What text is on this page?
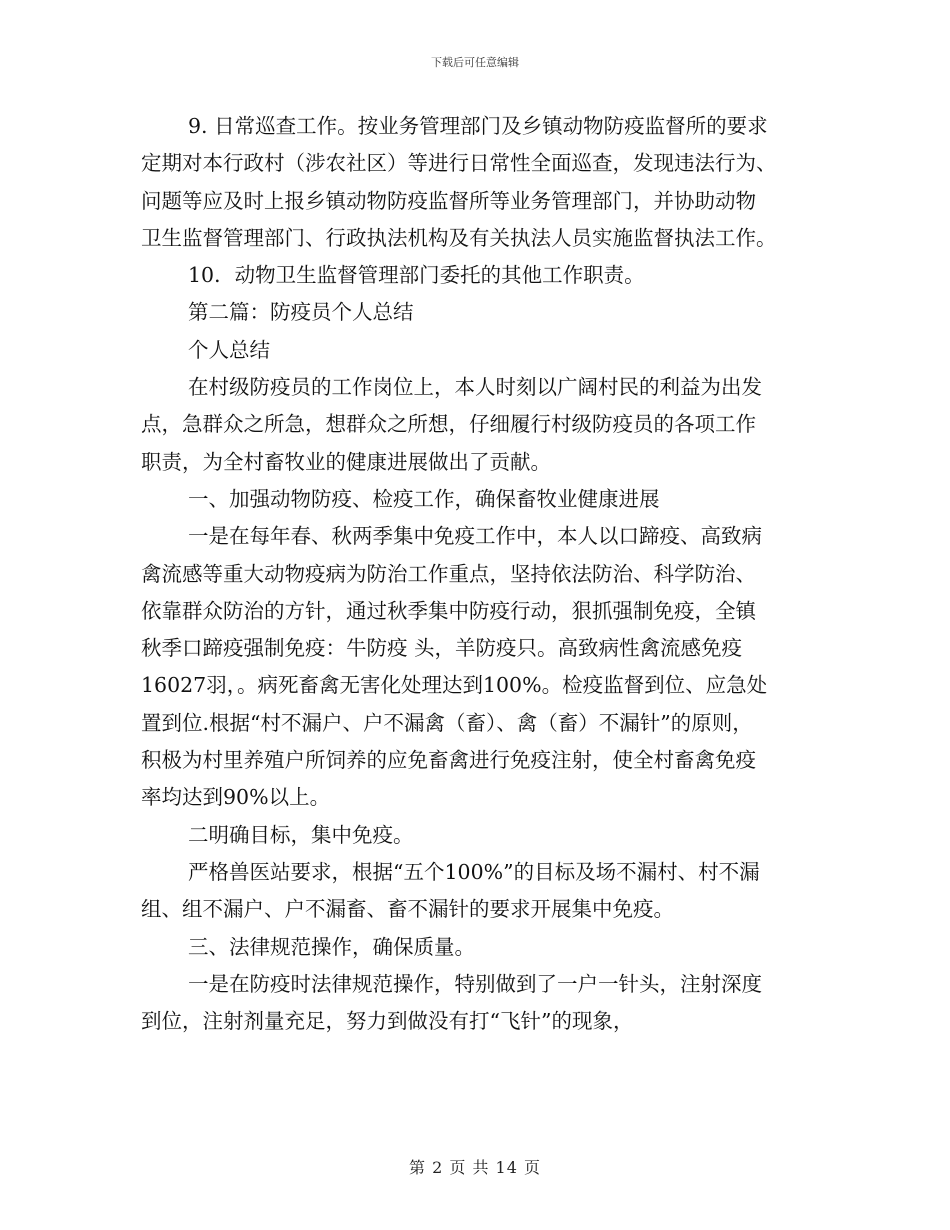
下载后可任意编辑
9. 日常巡查工作。按业务管理部门及乡镇动物防疫监督所的要求
定期对本行政村（涉农社区）等进行日常性全面巡查，发现违法行为、
问题等应及时上报乡镇动物防疫监督所等业务管理部门，并协助动物
卫生监督管理部门、行政执法机构及有关执法人员实施监督执法工作。
10．动物卫生监督管理部门委托的其他工作职责。
第二篇：防疫员个人总结
个人总结
在村级防疫员的工作岗位上，本人时刻以广阔村民的利益为出发
点，急群众之所急，想群众之所想，仔细履行村级防疫员的各项工作
职责，为全村畜牧业的健康进展做出了贡献。
一、加强动物防疫、检疫工作，确保畜牧业健康进展
一是在每年春、秋两季集中免疫工作中，本人以口蹄疫、高致病
禽流感等重大动物疫病为防治工作重点，坚持依法防治、科学防治、
依靠群众防治的方针，通过秋季集中防疫行动，狠抓强制免疫，全镇
秋季口蹄疫强制免疫：牛防疫 头，羊防疫只。高致病性禽流感免疫
16027羽，。病死畜禽无害化处理达到100%。检疫监督到位、应急处
置到位.根据“村不漏户、户不漏禽（畜）、禽（畜）不漏针”的原则，
积极为村里养殖户所饲养的应免畜禽进行免疫注射，使全村畜禽免疫
率均达到90%以上。
二明确目标，集中免疫。
严格兽医站要求，根据“五个100%”的目标及场不漏村、村不漏
组、组不漏户、户不漏畜、畜不漏针的要求开展集中免疫。
三、法律规范操作，确保质量。
一是在防疫时法律规范操作，特别做到了一户一针头，注射深度
到位，注射剂量充足，努力到做没有打“飞针”的现象，
第 2 页 共 14 页
